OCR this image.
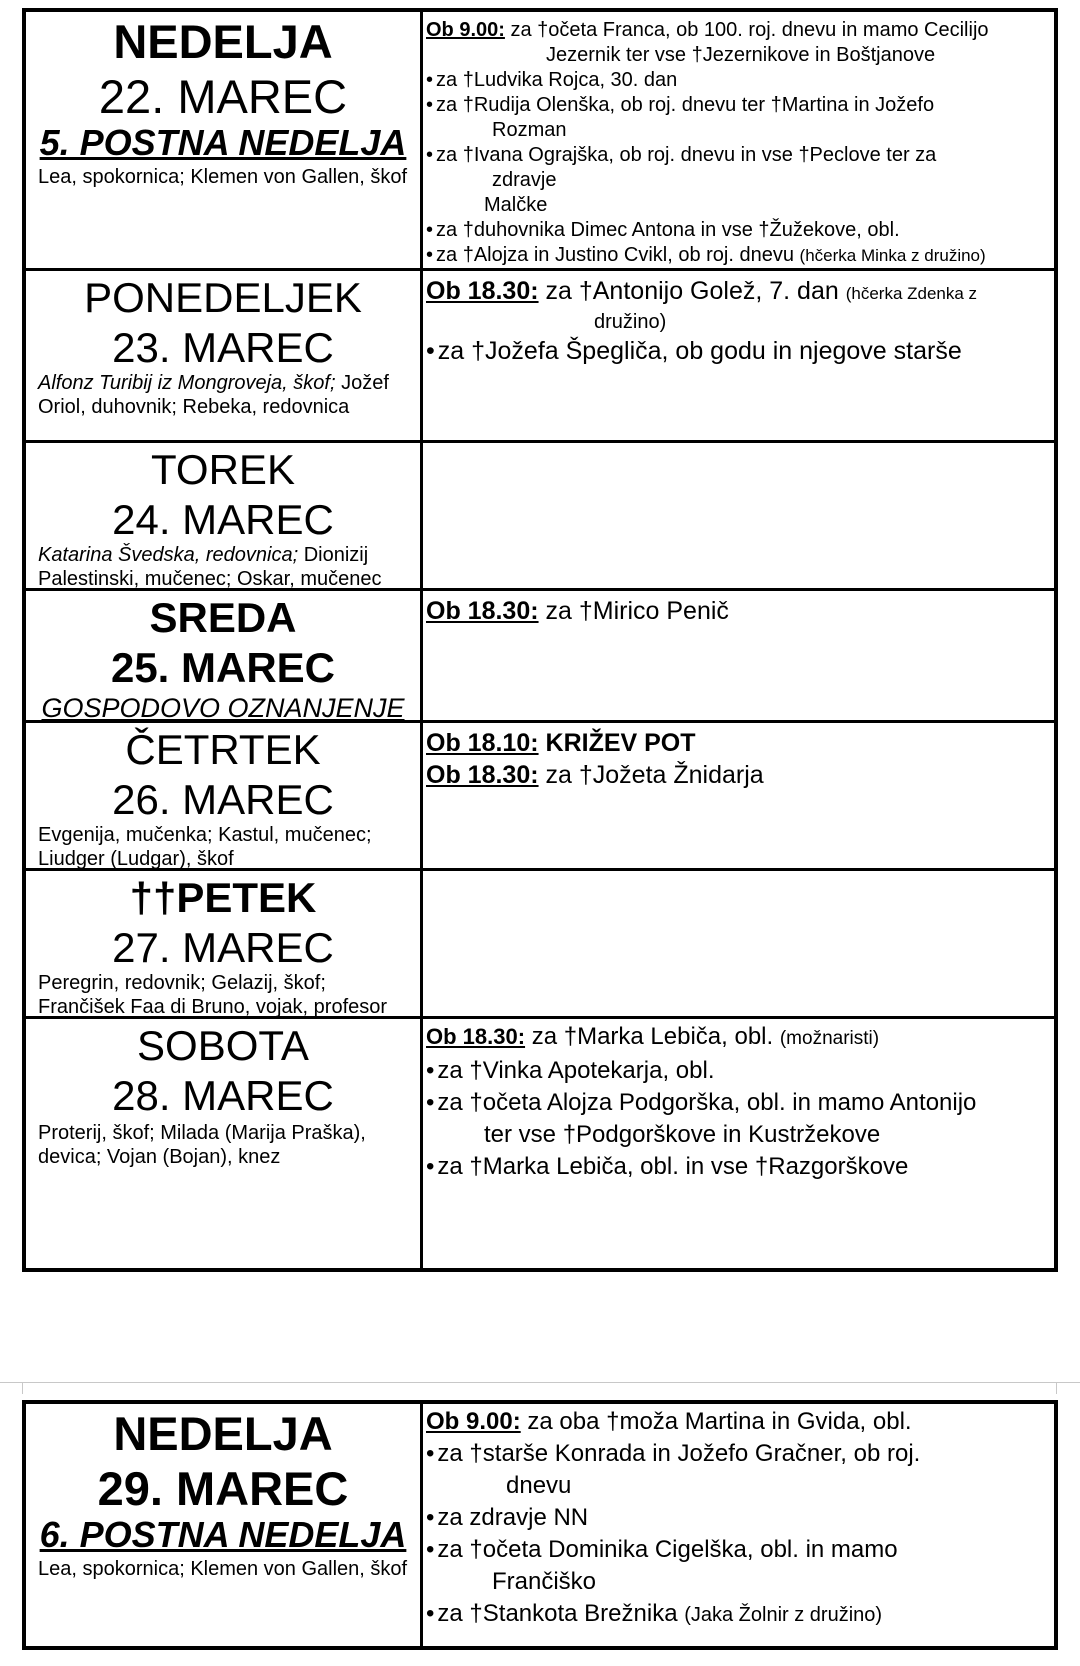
NEDELJA
22. MAREC
5. POSTNA NEDELJA
Lea, spokornica; Klemen von Gallen, škof
Ob 9.00: za †očeta Franca, ob 100. roj. dnevu in mamo Cecilijo
Jezernik ter vse †Jezernikove in Boštjanove
• za †Ludvika Rojca, 30. dan
• za †Rudija Olenška, ob roj. dnevu ter †Martina in Jožefo
Rozman
• za †Ivana Ograjška, ob roj. dnevu in vse †Peclove ter za
zdravje
Malčke
• za †duhovnika Dimec Antona in vse †Žužekove, obl.
• za †Alojza in Justino Cvikl, ob roj. dnevu (hčerka Minka z družino)
PONEDELJEK
23. MAREC
Alfonz Turibij iz Mongroveja, škof; Jožef Oriol, duhovnik; Rebeka, redovnica
Ob 18.30: za †Antonijo Golež, 7. dan (hčerka Zdenka z
družino)
• za †Jožefa Špegliča, ob godu in njegove starše
TOREK
24. MAREC
Katarina Švedska, redovnica; Dionizij Palestinski, mučenec; Oskar, mučenec
SREDA
25. MAREC
GOSPODOVO OZNANJENJE
Ob 18.30: za †Mirico Penič
ČETRTEK
26. MAREC
Evgenija, mučenka; Kastul, mučenec; Liudger (Ludgar), škof
Ob 18.10: KRIŽEV POT
Ob 18.30: za †Jožeta Žnidarja
††PETEK
27. MAREC
Peregrin, redovnik; Gelazij, škof; Frančišek Faa di Bruno, vojak, profesor
SOBOTA
28. MAREC
Proterij, škof; Milada (Marija Praška), devica; Vojan (Bojan), knez
Ob 18.30: za †Marka Lebiča, obl. (možnaristi)
• za †Vinka Apotekarja, obl.
• za †očeta Alojza Podgorška, obl. in mamo Antonijo
ter vse †Podgorškove in Kustržekove
• za †Marka Lebiča, obl. in vse †Razgorškove
NEDELJA
29. MAREC
6. POSTNA NEDELJA
Lea, spokornica; Klemen von Gallen, škof
Ob 9.00: za oba †moža Martina in Gvida, obl.
• za †starše Konrada in Jožefo Gračner, ob roj.
dnevu
• za zdravje NN
• za †očeta Dominika Cigelška, obl. in mamo
Frančiško
• za †Stankota Brežnika (Jaka Žolnir z družino)
